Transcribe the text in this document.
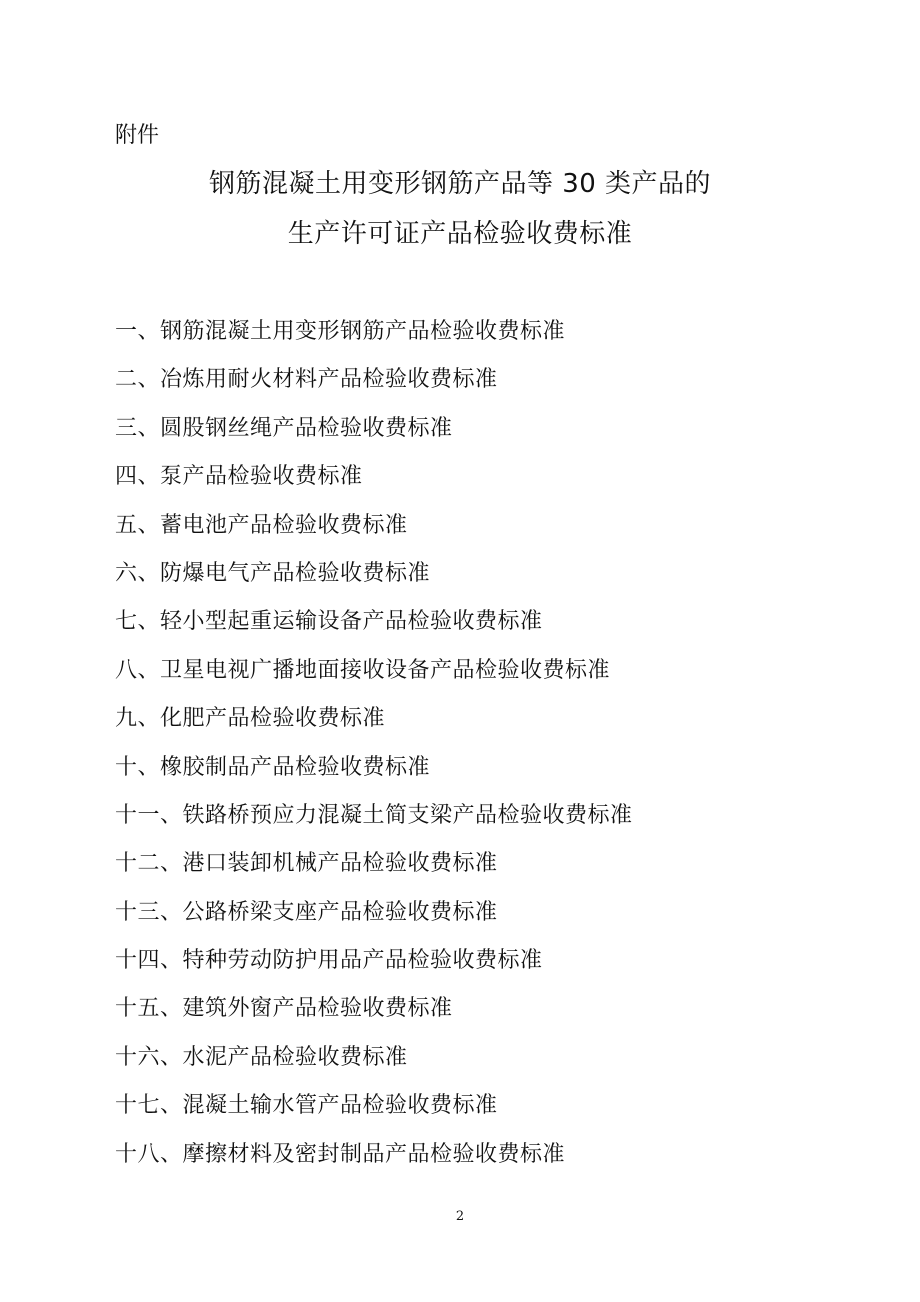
附件
钢筋混凝土用变形钢筋产品等 30 类产品的
生产许可证产品检验收费标准
一、钢筋混凝土用变形钢筋产品检验收费标准
二、冶炼用耐火材料产品检验收费标准
三、圆股钢丝绳产品检验收费标准
四、泵产品检验收费标准
五、蓄电池产品检验收费标准
六、防爆电气产品检验收费标准
七、轻小型起重运输设备产品检验收费标准
八、卫星电视广播地面接收设备产品检验收费标准
九、化肥产品检验收费标准
十、橡胶制品产品检验收费标准
十一、铁路桥预应力混凝土简支梁产品检验收费标准
十二、港口装卸机械产品检验收费标准
十三、公路桥梁支座产品检验收费标准
十四、特种劳动防护用品产品检验收费标准
十五、建筑外窗产品检验收费标准
十六、水泥产品检验收费标准
十七、混凝土输水管产品检验收费标准
十八、摩擦材料及密封制品产品检验收费标准
2
